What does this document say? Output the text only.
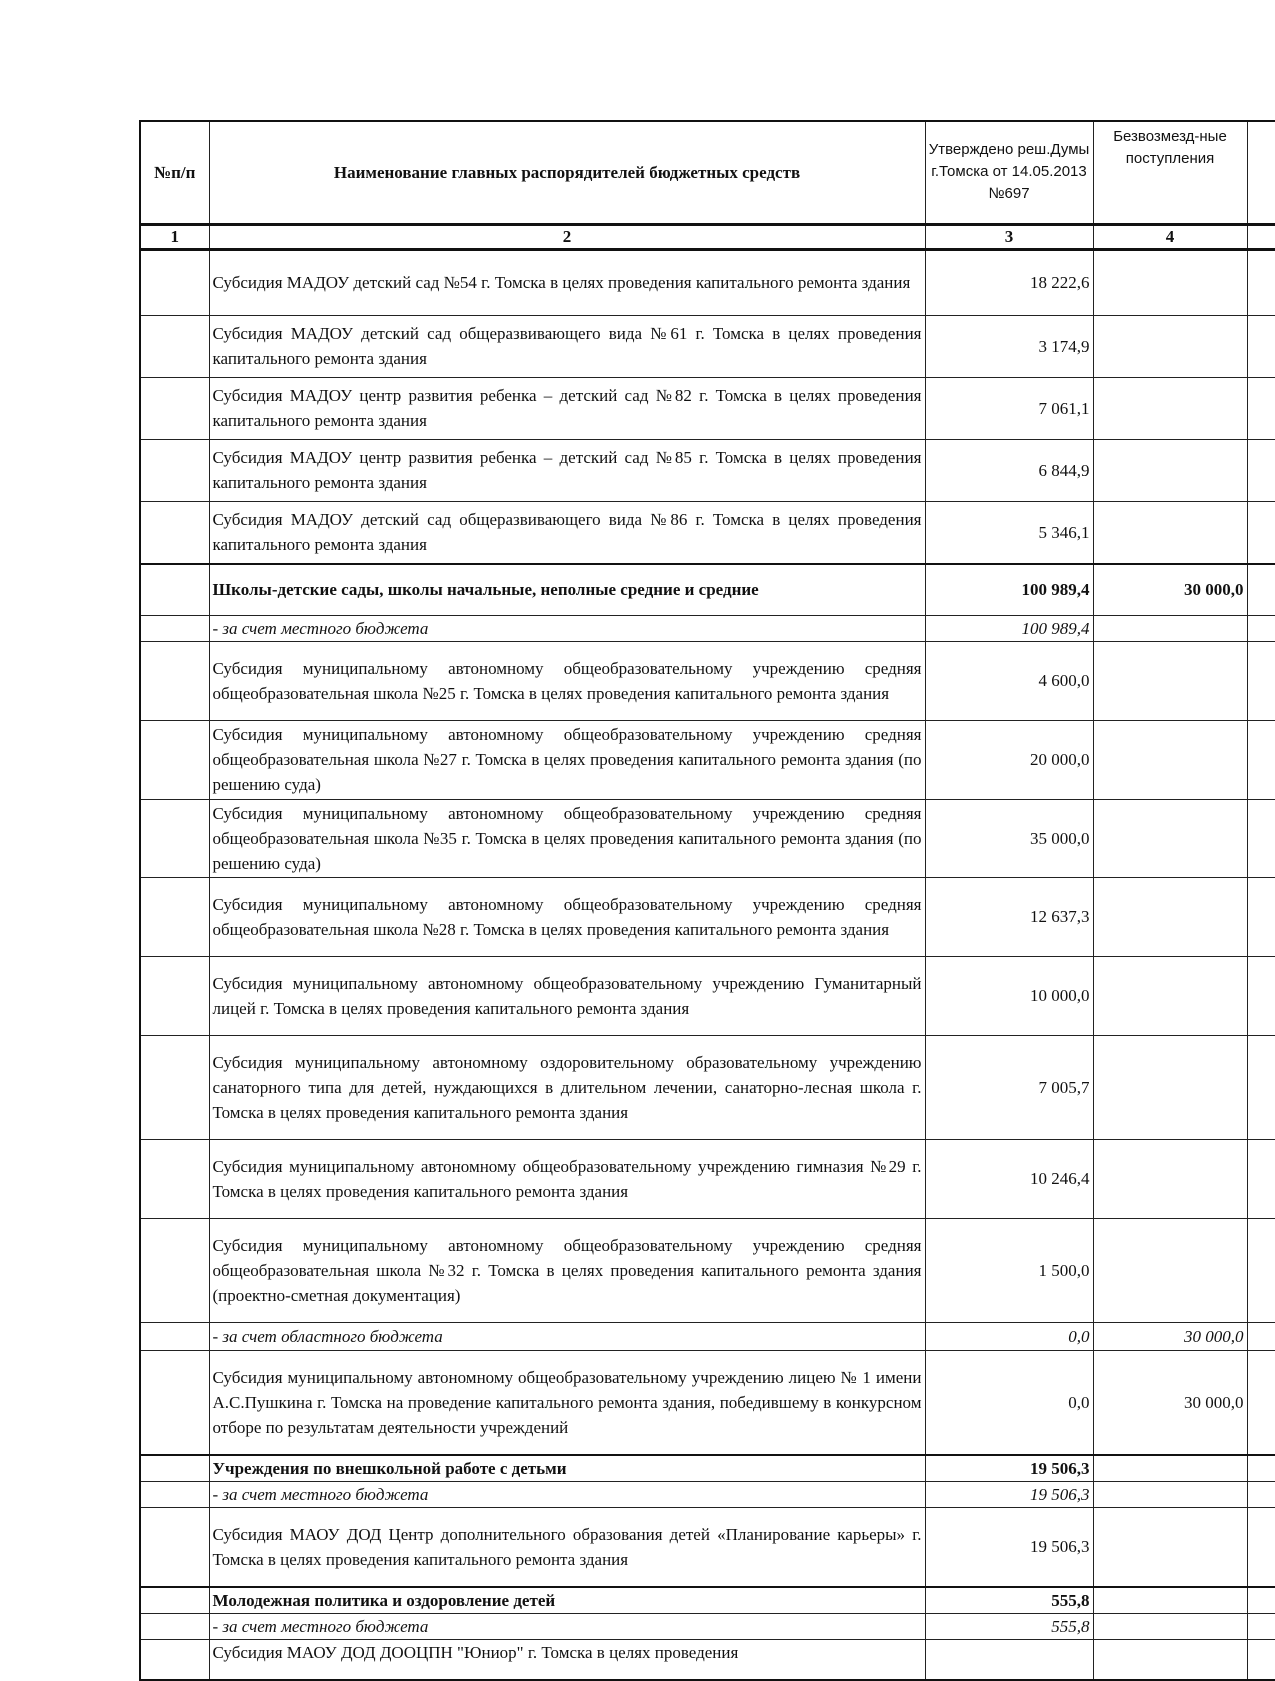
№п/п	Наименование главных распорядителей бюджетных средств	Утверждено реш.Думы г.Томска от 14.05.2013 №697	Безвозмезд-ные поступления	
1	2	3	4	
	Субсидия МАДОУ детский сад №54 г. Томска в целях проведения капитального ремонта здания	18 222,6		
	Субсидия МАДОУ детский сад общеразвивающего вида №61 г. Томска в целях проведения капитального ремонта здания	3 174,9		
	Субсидия МАДОУ центр развития ребенка – детский сад №82 г. Томска в целях проведения капитального ремонта здания	7 061,1		
	Субсидия МАДОУ центр развития ребенка – детский сад №85 г. Томска в целях проведения капитального ремонта здания	6 844,9		
	Субсидия МАДОУ детский сад общеразвивающего вида №86 г. Томска в целях проведения капитального ремонта здания	5 346,1		
	Школы-детские сады, школы начальные, неполные средние и средние	100 989,4	30 000,0	
	- за счет местного бюджета	100 989,4		
	Субсидия муниципальному автономному общеобразовательному учреждению средняя общеобразовательная школа №25 г. Томска в целях проведения капитального ремонта здания	4 600,0		
	Субсидия муниципальному автономному общеобразовательному учреждению средняя общеобразовательная школа №27 г. Томска в целях проведения капитального ремонта здания (по решению суда)	20 000,0		
	Субсидия муниципальному автономному общеобразовательному учреждению средняя общеобразовательная школа №35 г. Томска в целях проведения капитального ремонта здания (по решению суда)	35 000,0		
	Субсидия муниципальному автономному общеобразовательному учреждению средняя общеобразовательная школа №28 г. Томска в целях проведения капитального ремонта здания	12 637,3		
	Субсидия муниципальному автономному общеобразовательному учреждению Гуманитарный лицей г. Томска в целях проведения капитального ремонта здания	10 000,0		
	Субсидия муниципальному автономному оздоровительному образовательному учреждению санаторного типа для детей, нуждающихся в длительном лечении, санаторно-лесная школа г. Томска в целях проведения капитального ремонта здания	7 005,7		
	Субсидия муниципальному автономному общеобразовательному учреждению гимназия №29 г. Томска в целях проведения капитального ремонта здания	10 246,4		
	Субсидия муниципальному автономному общеобразовательному учреждению средняя общеобразовательная школа №32 г. Томска в целях проведения капитального ремонта здания (проектно-сметная документация)	1 500,0		
	- за счет областного бюджета	0,0	30 000,0	
	Субсидия муниципальному автономному общеобразовательному учреждению лицею № 1 имени А.С.Пушкина г. Томска на проведение капитального ремонта здания, победившему в конкурсном отборе по результатам деятельности учреждений	0,0	30 000,0	
	Учреждения по внешкольной работе с детьми	19 506,3		
	- за счет местного бюджета	19 506,3		
	Субсидия МАОУ ДОД Центр дополнительного образования детей «Планирование карьеры» г. Томска в целях проведения капитального ремонта здания	19 506,3		
	Молодежная политика и оздоровление детей	555,8		
	- за счет местного бюджета	555,8		
	Субсидия МАОУ ДОД ДООЦПН "Юниор" г. Томска в целях проведения			
